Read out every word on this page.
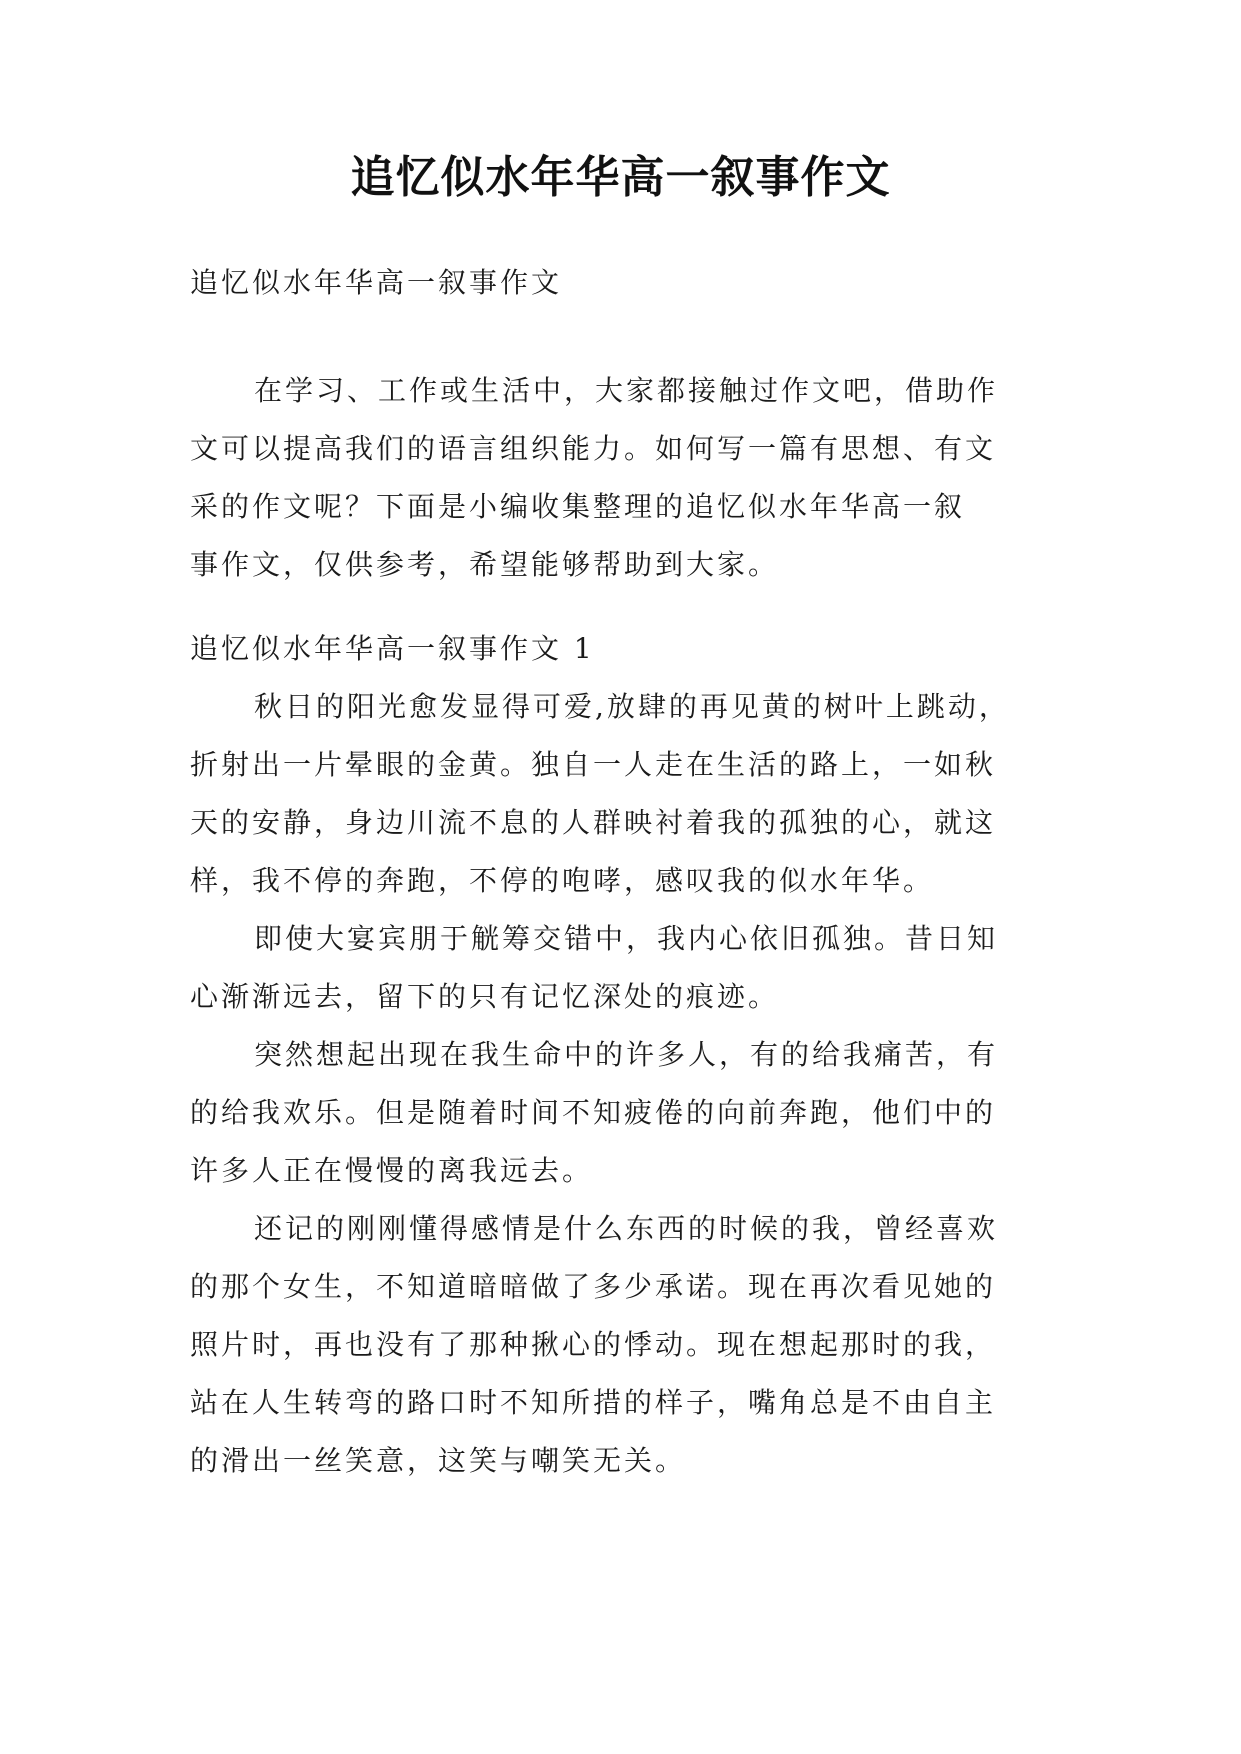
追忆似水年华高一叙事作文
追忆似水年华高一叙事作文
在学习、工作或生活中，大家都接触过作文吧，借助作
文可以提高我们的语言组织能力。如何写一篇有思想、有文
采的作文呢？下面是小编收集整理的追忆似水年华高一叙
事作文，仅供参考，希望能够帮助到大家。
追忆似水年华高一叙事作文 1
秋日的阳光愈发显得可爱,放肆的再见黄的树叶上跳动，
折射出一片晕眼的金黄。独自一人走在生活的路上，一如秋
天的安静，身边川流不息的人群映衬着我的孤独的心，就这
样，我不停的奔跑，不停的咆哮，感叹我的似水年华。
即使大宴宾朋于觥筹交错中，我内心依旧孤独。昔日知
心渐渐远去，留下的只有记忆深处的痕迹。
突然想起出现在我生命中的许多人，有的给我痛苦，有
的给我欢乐。但是随着时间不知疲倦的向前奔跑，他们中的
许多人正在慢慢的离我远去。
还记的刚刚懂得感情是什么东西的时候的我，曾经喜欢
的那个女生，不知道暗暗做了多少承诺。现在再次看见她的
照片时，再也没有了那种揪心的悸动。现在想起那时的我，
站在人生转弯的路口时不知所措的样子，嘴角总是不由自主
的滑出一丝笑意，这笑与嘲笑无关。
